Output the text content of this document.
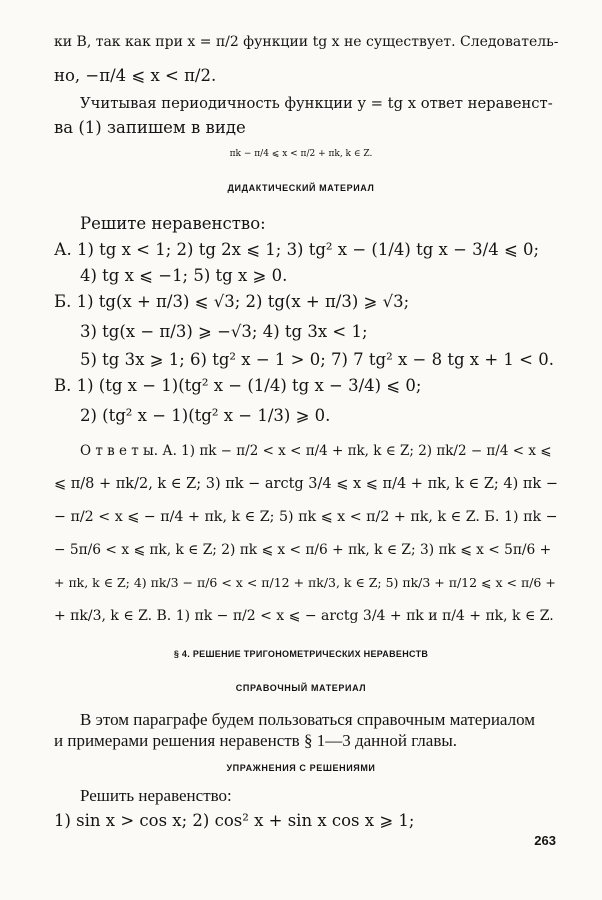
ки B, так как при x = π/2 функции tg x не существует. Следователь-
но, −π/4 ⩽ x < π/2.
Учитывая периодичность функции y = tg x ответ неравенст-
ва (1) запишем в виде
πk − π/4 ⩽ x < π/2 + πk, k ∈ Z.
ДИДАКТИЧЕСКИЙ МАТЕРИАЛ
Решите неравенство:
А. 1) tg x < 1; 2) tg 2x ⩽ 1; 3) tg² x − (1/4) tg x − 3/4 ⩽ 0;
4) tg x ⩽ −1; 5) tg x ⩾ 0.
Б. 1) tg(x + π/3) ⩽ √3; 2) tg(x + π/3) ⩾ √3;
3) tg(x − π/3) ⩾ −√3; 4) tg 3x < 1;
5) tg 3x ⩾ 1; 6) tg² x − 1 > 0; 7) 7 tg² x − 8 tg x + 1 < 0.
В. 1) (tg x − 1)(tg² x − (1/4) tg x − 3/4) ⩽ 0;
2) (tg² x − 1)(tg² x − 1/3) ⩾ 0.
О т в е т ы. А. 1) πk − π/2 < x < π/4 + πk, k ∈ Z; 2) πk/2 − π/4 < x ⩽
⩽ π/8 + πk/2, k ∈ Z; 3) πk − arctg 3/4 ⩽ x ⩽ π/4 + πk, k ∈ Z; 4) πk −
− π/2 < x ⩽ − π/4 + πk, k ∈ Z; 5) πk ⩽ x < π/2 + πk, k ∈ Z. Б. 1) πk −
− 5π/6 < x ⩽ πk, k ∈ Z; 2) πk ⩽ x < π/6 + πk, k ∈ Z; 3) πk ⩽ x < 5π/6 +
+ πk, k ∈ Z; 4) πk/3 − π/6 < x < π/12 + πk/3, k ∈ Z; 5) πk/3 + π/12 ⩽ x < π/6 +
+ πk/3, k ∈ Z. В. 1) πk − π/2 < x ⩽ − arctg 3/4 + πk и π/4 + πk, k ∈ Z.
§ 4. РЕШЕНИЕ ТРИГОНОМЕТРИЧЕСКИХ НЕРАВЕНСТВ
СПРАВОЧНЫЙ МАТЕРИАЛ
В этом параграфе будем пользоваться справочным материалом
и примерами решения неравенств § 1—3 данной главы.
УПРАЖНЕНИЯ С РЕШЕНИЯМИ
Решить неравенство:
1) sin x > cos x; 2) cos² x + sin x cos x ⩾ 1;
263
